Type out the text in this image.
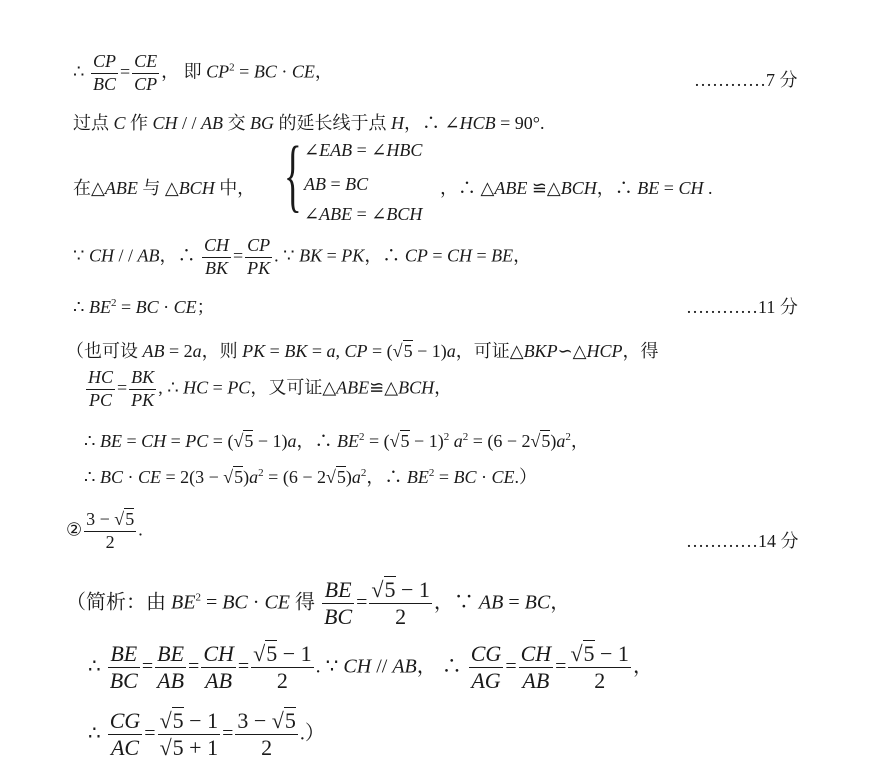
∴ $\frac{CP}{BC} = \frac{CE}{CP}$ ， 即 $CP^2$ = BC · CE，	…………7 分
过点 C 作 CH / / AB 交 BG 的延长线于点 H，∴ ∠HCB = 90°.
在△ABE 与 △BCH 中， { ∠EAB = ∠HBC
AB = BC
∠ABE = ∠BCH
，∴ △ABE ≌△BCH，∴ BE = CH .
∵ CH / / AB，∴ $\frac{CH}{BK} = \frac{CP}{PK}$ . ∵ BK = PK，∴ CP = CH = BE，
∴ $BE^2$ = BC · CE；	…………11 分
（也可设 AB = 2a，则 PK = BK = a, CP = (√5 − 1)a，可证△BKP∽△HCP，得
$\frac{HC}{PC} = \frac{BK}{PK}$ , ∴ HC = PC，又可证△ABE≌△BCH，
∴ BE = CH = PC = (√5 − 1)a，∴ $BE^2 = (√5 - 1)^2$ $a^2 = (6 - 2√5)a^2$，
∴ BC · CE = $2(3 - √5)a^2 = (6 - 2√5)a^2$，∴ $BE^2$ = BC · CE.）
② $\frac{3 - √5}{2}$ .
…………14 分
（简析：由 $BE^2$ = BC · CE 得 $\frac{BE}{BC} = \frac{√5 - 1}{2}$ ，∵ AB = BC，
∴ $\frac{BE}{BC} = \frac{BE}{AB} = \frac{CH}{AB} = \frac{√5 - 1}{2}$ . ∵ CH // AB， ∴ $\frac{CG}{AG} = \frac{CH}{AB} = \frac{√5 - 1}{2}$ ，
∴ $\frac{CG}{AC} = \frac{√5 - 1}{√5 + 1} = \frac{3 - √5}{2}$ .）
